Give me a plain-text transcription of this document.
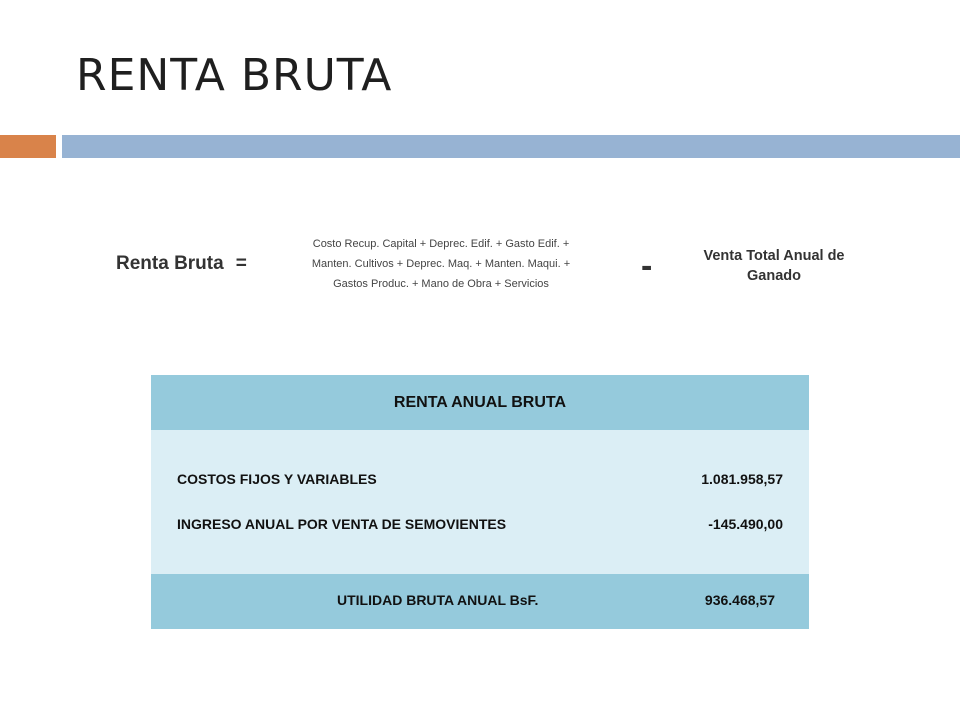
RENTA BRUTA
Renta Bruta =
Costo Recup. Capital + Deprec. Edif. + Gasto Edif. +
Manten. Cultivos + Deprec. Maq. + Manten. Maqui. +
Gastos Produc. + Mano de Obra + Servicios	-	Venta Total Anual de
Ganado
RENTA ANUAL BRUTA
COSTOS FIJOS Y VARIABLES	1.081.958,57
INGRESO ANUAL POR VENTA DE SEMOVIENTES	-145.490,00
UTILIDAD BRUTA ANUAL BsF.	936.468,57
